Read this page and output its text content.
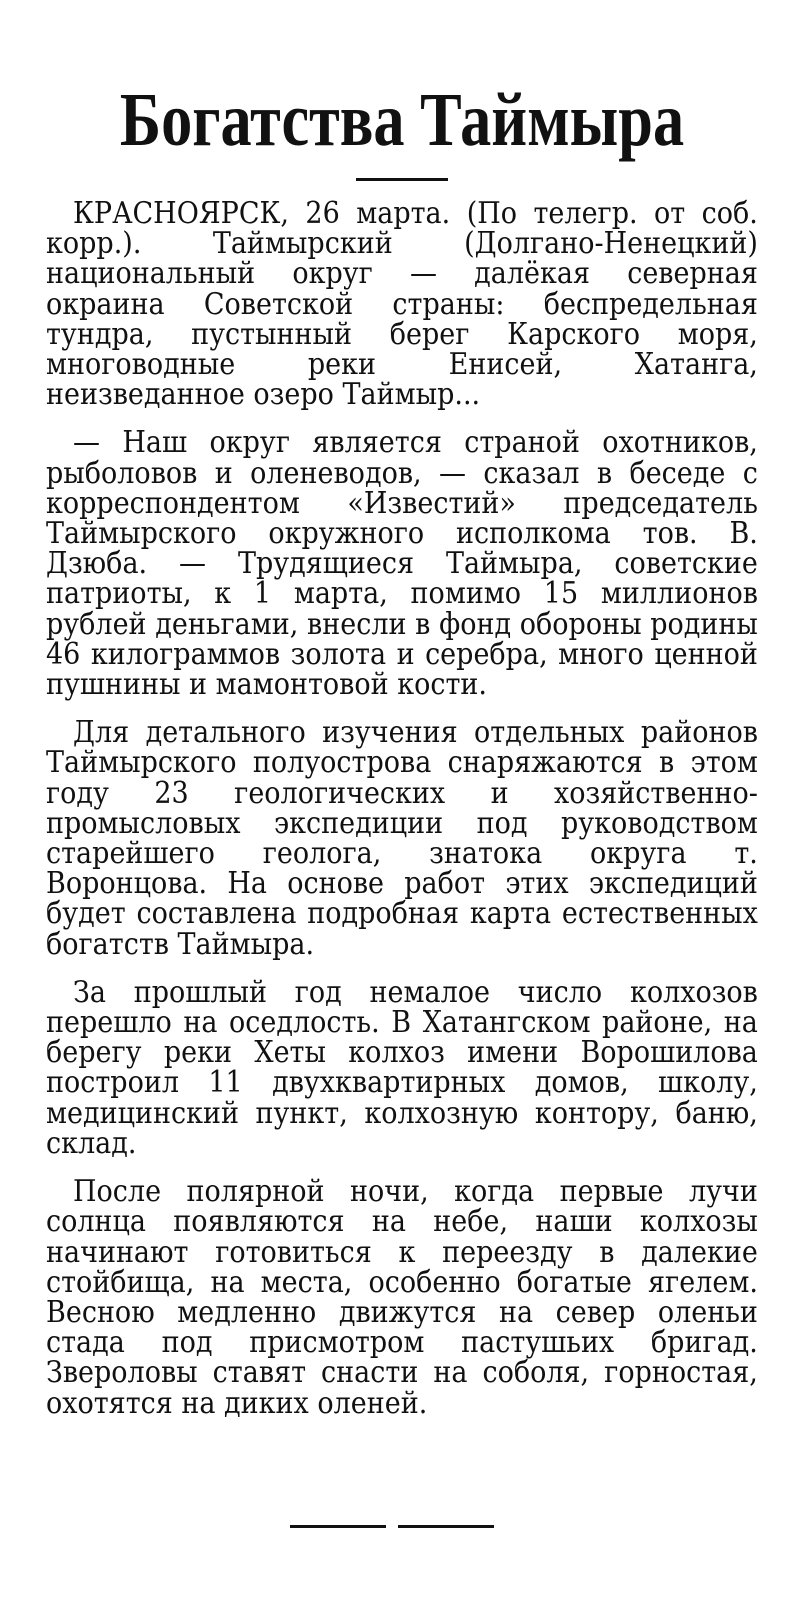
Богатства Таймыра

КРАСНОЯРСК, 26 марта. (По телегр. от соб. корр.). Таймырский (Долгано-Ненецкий) национальный округ — далёкая северная окраина Советской страны: беспредельная тундра, пустынный берег Карского моря, многоводные реки Енисей, Хатанга, неизведанное озеро Таймыр...

— Наш округ является страной охотников, рыболовов и оленеводов, — сказал в беседе с корреспондентом «Известий» председатель Таймырского окружного исполкома тов. В. Дзюба. — Трудящиеся Таймыра, советские патриоты, к 1 марта, помимо 15 миллионов рублей деньгами, внесли в фонд обороны родины 46 килограммов золота и серебра, много ценной пушнины и мамонтовой кости.

Для детального изучения отдельных районов Таймырского полуострова снаряжаются в этом году 23 геологических и хозяйственно-промысловых экспедиции под руководством старейшего геолога, знатока округа т. Воронцова. На основе работ этих экспедиций будет составлена подробная карта естественных богатств Таймыра.

За прошлый год немалое число колхозов перешло на оседлость. В Хатангском районе, на берегу реки Хеты колхоз имени Ворошилова построил 11 двухквартирных домов, школу, медицинский пункт, колхозную контору, баню, склад.

После полярной ночи, когда первые лучи солнца появляются на небе, наши колхозы начинают готовиться к переезду в далекие стойбища, на места, особенно богатые ягелем. Весною медленно движутся на север оленьи стада под присмотром пастушьих бригад. Звероловы ставят снасти на соболя, горностая, охотятся на диких оленей.
